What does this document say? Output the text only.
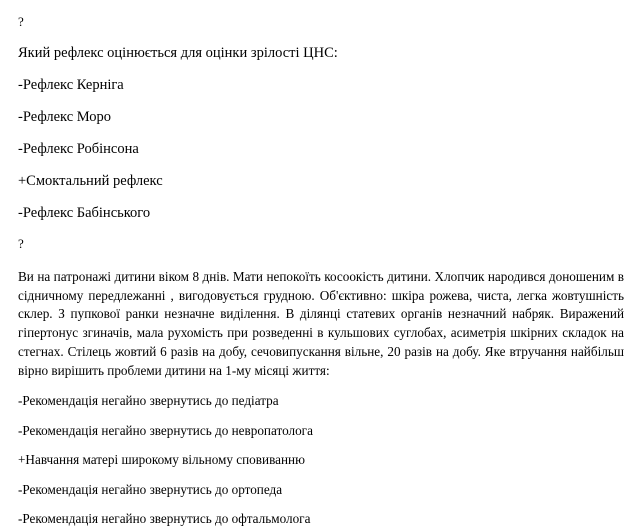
?
Який рефлекс оцінюється для оцінки зрілості ЦНС:
-Рефлекс Керніга
-Рефлекс Моро
-Рефлекс Робінсона
+Смоктальний рефлекс
-Рефлекс Бабінського
?
Ви на патронажі дитини віком 8 днів. Мати непокоїть косоокість дитини. Хлопчик народився доношеним в сідничному передлежанні , вигодовується грудною. Об'єктивно: шкіра рожева, чиста, легка жовтушність склер. З пупкової ранки незначне виділення. В ділянці статевих органів незначний набряк. Виражений гіпертонус згиначів, мала рухомість при розведенні в кульшових суглобах, асиметрія шкірних складок на стегнах. Стілець жовтий 6 разів на добу, сечовипускання вільне, 20 разів на добу. Яке втручання найбільш вірно вирішить проблеми дитини на 1-му місяці життя:
-Рекомендація негайно звернутись до педіатра
-Рекомендація негайно звернутись до невропатолога
+Навчання матері широкому вільному сповиванню
-Рекомендація негайно звернутись до ортопеда
-Рекомендація негайно звернутись до офтальмолога
